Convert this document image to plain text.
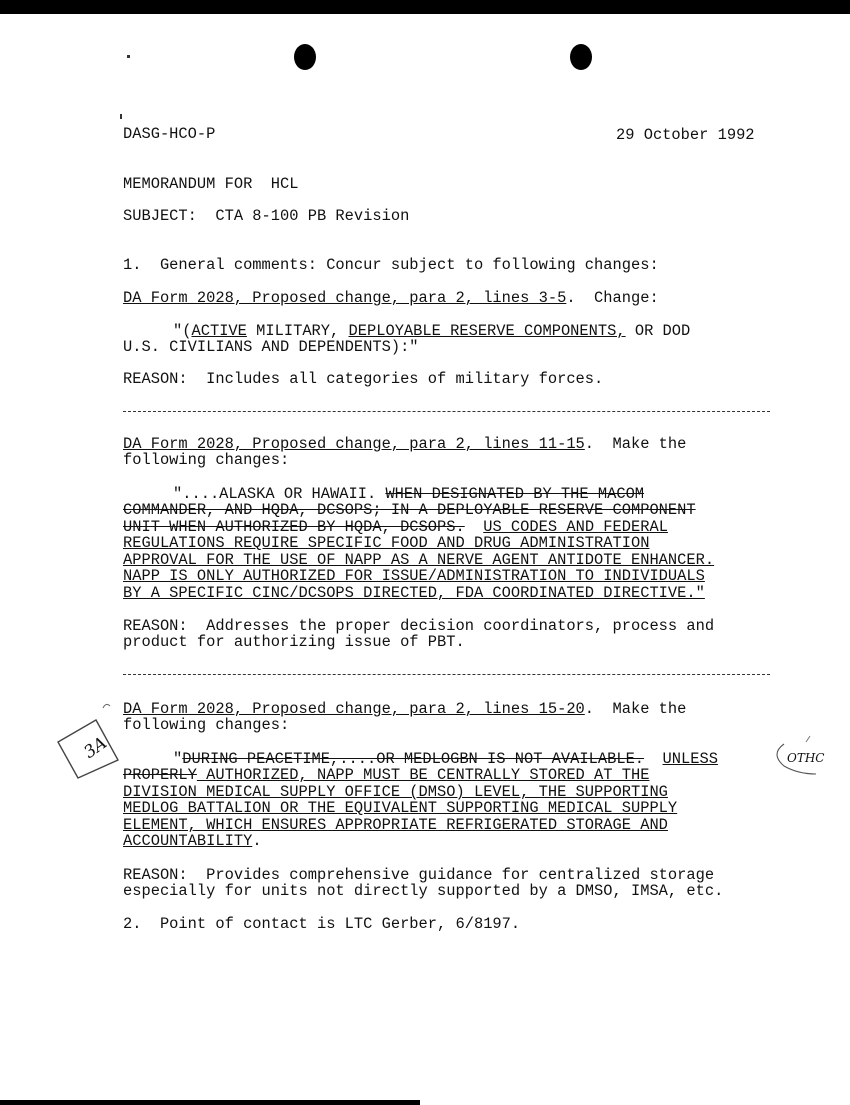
DASG-HCO-P	29 October 1992
MEMORANDUM FOR  HCL
SUBJECT:  CTA 8-100 PB Revision
1.  General comments: Concur subject to following changes:
DA Form 2028, Proposed change, para 2, lines 3-5.  Change:
"(ACTIVE MILITARY, DEPLOYABLE RESERVE COMPONENTS, OR DOD
U.S. CIVILIANS AND DEPENDENTS):"
REASON:  Includes all categories of military forces.
DA Form 2028, Proposed change, para 2, lines 11-15.  Make the
following changes:
"....ALASKA OR HAWAII. WHEN DESIGNATED BY THE MACOM
COMMANDER, AND HQDA, DCSOPS; IN A DEPLOYABLE RESERVE COMPONENT
UNIT WHEN AUTHORIZED BY HQDA, DCSOPS. US CODES AND FEDERAL
REGULATIONS REQUIRE SPECIFIC FOOD AND DRUG ADMINISTRATION
APPROVAL FOR THE USE OF NAPP AS A NERVE AGENT ANTIDOTE ENHANCER.
NAPP IS ONLY AUTHORIZED FOR ISSUE/ADMINISTRATION TO INDIVIDUALS
BY A SPECIFIC CINC/DCSOPS DIRECTED, FDA COORDINATED DIRECTIVE."
REASON:  Addresses the proper decision coordinators, process and
product for authorizing issue of PBT.
DA Form 2028, Proposed change, para 2, lines 15-20.  Make the
following changes:
"DURING PEACETIME,....OR MEDLOGBN IS NOT AVAILABLE. UNLESS
PROPERLY AUTHORIZED, NAPP MUST BE CENTRALLY STORED AT THE
DIVISION MEDICAL SUPPLY OFFICE (DMSO) LEVEL, THE SUPPORTING
MEDLOG BATTALION OR THE EQUIVALENT SUPPORTING MEDICAL SUPPLY
ELEMENT, WHICH ENSURES APPROPRIATE REFRIGERATED STORAGE AND
ACCOUNTABILITY.
REASON:  Provides comprehensive guidance for centralized storage
especially for units not directly supported by a DMSO, IMSA, etc.
2.  Point of contact is LTC Gerber, 6/8197.
3A	OTHC
